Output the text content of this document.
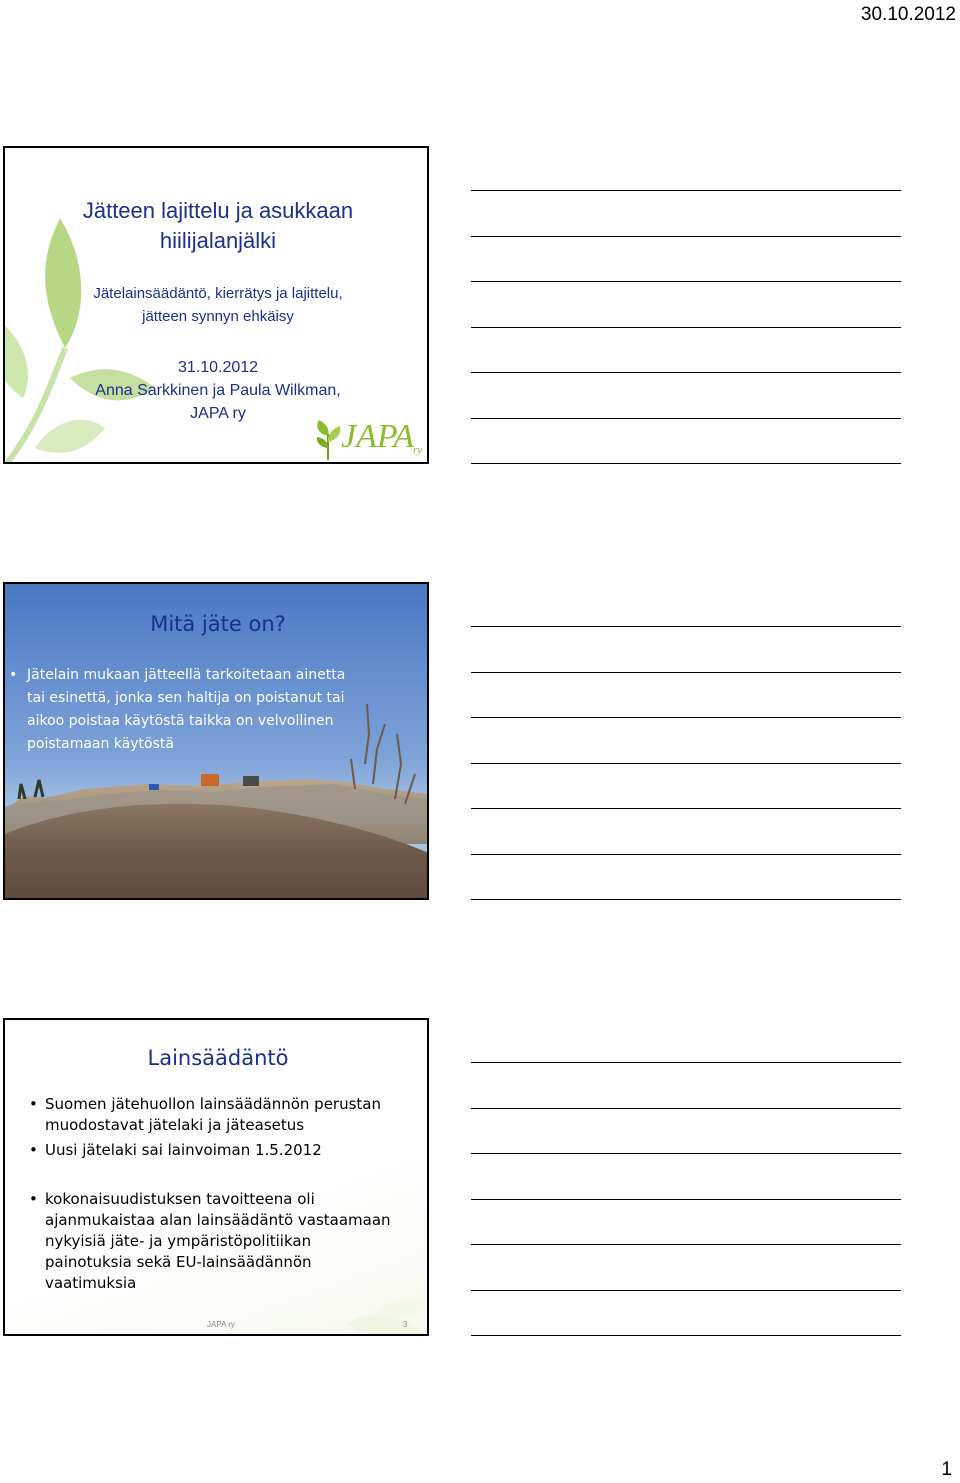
30.10.2012
Jätteen lajittelu ja asukkaan
hiilijalanjälki
Jätelainsäädäntö, kierrätys ja lajittelu,
jätteen synnyn ehkäisy
31.10.2012
Anna Sarkkinen ja Paula Wilkman,
JAPA ry
JAPA
ry
Mitä jäte on?
• Jätelain mukaan jätteellä tarkoitetaan ainetta
tai esinettä, jonka sen haltija on poistanut tai
aikoo poistaa käytöstä taikka on velvollinen
poistamaan käytöstä
Lainsäädäntö
• Suomen jätehuollon lainsäädännön perustan
muodostavat jätelaki ja jäteasetus
• Uusi jätelaki sai lainvoiman 1.5.2012
• kokonaisuudistuksen tavoitteena oli
ajanmukaistaa alan lainsäädäntö vastaamaan
nykyisiä jäte- ja ympäristöpolitiikan
painotuksia sekä EU-lainsäädännön
vaatimuksia
JAPA ry	3
1
